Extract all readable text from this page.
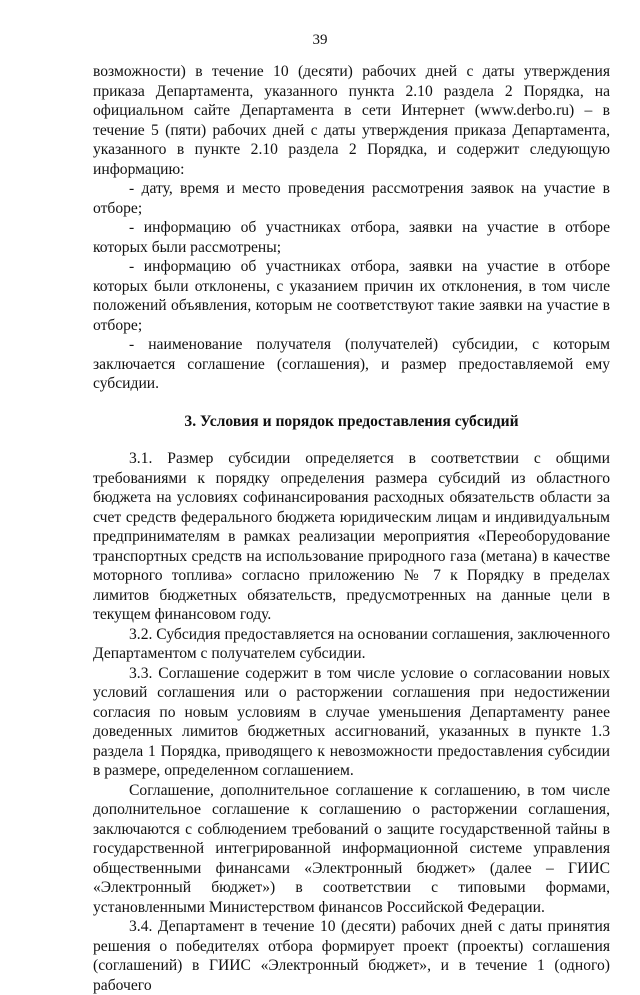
39

возможности) в течение 10 (десяти) рабочих дней с даты утверждения приказа Департамента, указанного пункта 2.10 раздела 2 Порядка, на официальном сайте Департамента в сети Интернет (www.derbo.ru) – в течение 5 (пяти) рабочих дней с даты утверждения приказа Департамента, указанного в пункте 2.10 раздела 2 Порядка, и содержит следующую информацию:

- дату, время и место проведения рассмотрения заявок на участие в отборе;

- информацию об участниках отбора, заявки на участие в отборе которых были рассмотрены;

- информацию об участниках отбора, заявки на участие в отборе которых были отклонены, с указанием причин их отклонения, в том числе положений объявления, которым не соответствуют такие заявки на участие в отборе;

- наименование получателя (получателей) субсидии, с которым заключается соглашение (соглашения), и размер предоставляемой ему субсидии.

3. Условия и порядок предоставления субсидий

3.1. Размер субсидии определяется в соответствии с общими требованиями к порядку определения размера субсидий из областного бюджета на условиях софинансирования расходных обязательств области за счет средств федерального бюджета юридическим лицам и индивидуальным предпринимателям в рамках реализации мероприятия «Переоборудование транспортных средств на использование природного газа (метана) в качестве моторного топлива» согласно приложению № 7 к Порядку в пределах лимитов бюджетных обязательств, предусмотренных на данные цели в текущем финансовом году.

3.2. Субсидия предоставляется на основании соглашения, заключенного Департаментом с получателем субсидии.

3.3. Соглашение содержит в том числе условие о согласовании новых условий соглашения или о расторжении соглашения при недостижении согласия по новым условиям в случае уменьшения Департаменту ранее доведенных лимитов бюджетных ассигнований, указанных в пункте 1.3 раздела 1 Порядка, приводящего к невозможности предоставления субсидии в размере, определенном соглашением.

Соглашение, дополнительное соглашение к соглашению, в том числе дополнительное соглашение к соглашению о расторжении соглашения, заключаются с соблюдением требований о защите государственной тайны в государственной интегрированной информационной системе управления общественными финансами «Электронный бюджет» (далее – ГИИС «Электронный бюджет») в соответствии с типовыми формами, установленными Министерством финансов Российской Федерации.

3.4. Департамент в течение 10 (десяти) рабочих дней с даты принятия решения о победителях отбора формирует проект (проекты) соглашения (соглашений) в ГИИС «Электронный бюджет», и в течение 1 (одного) рабочего
